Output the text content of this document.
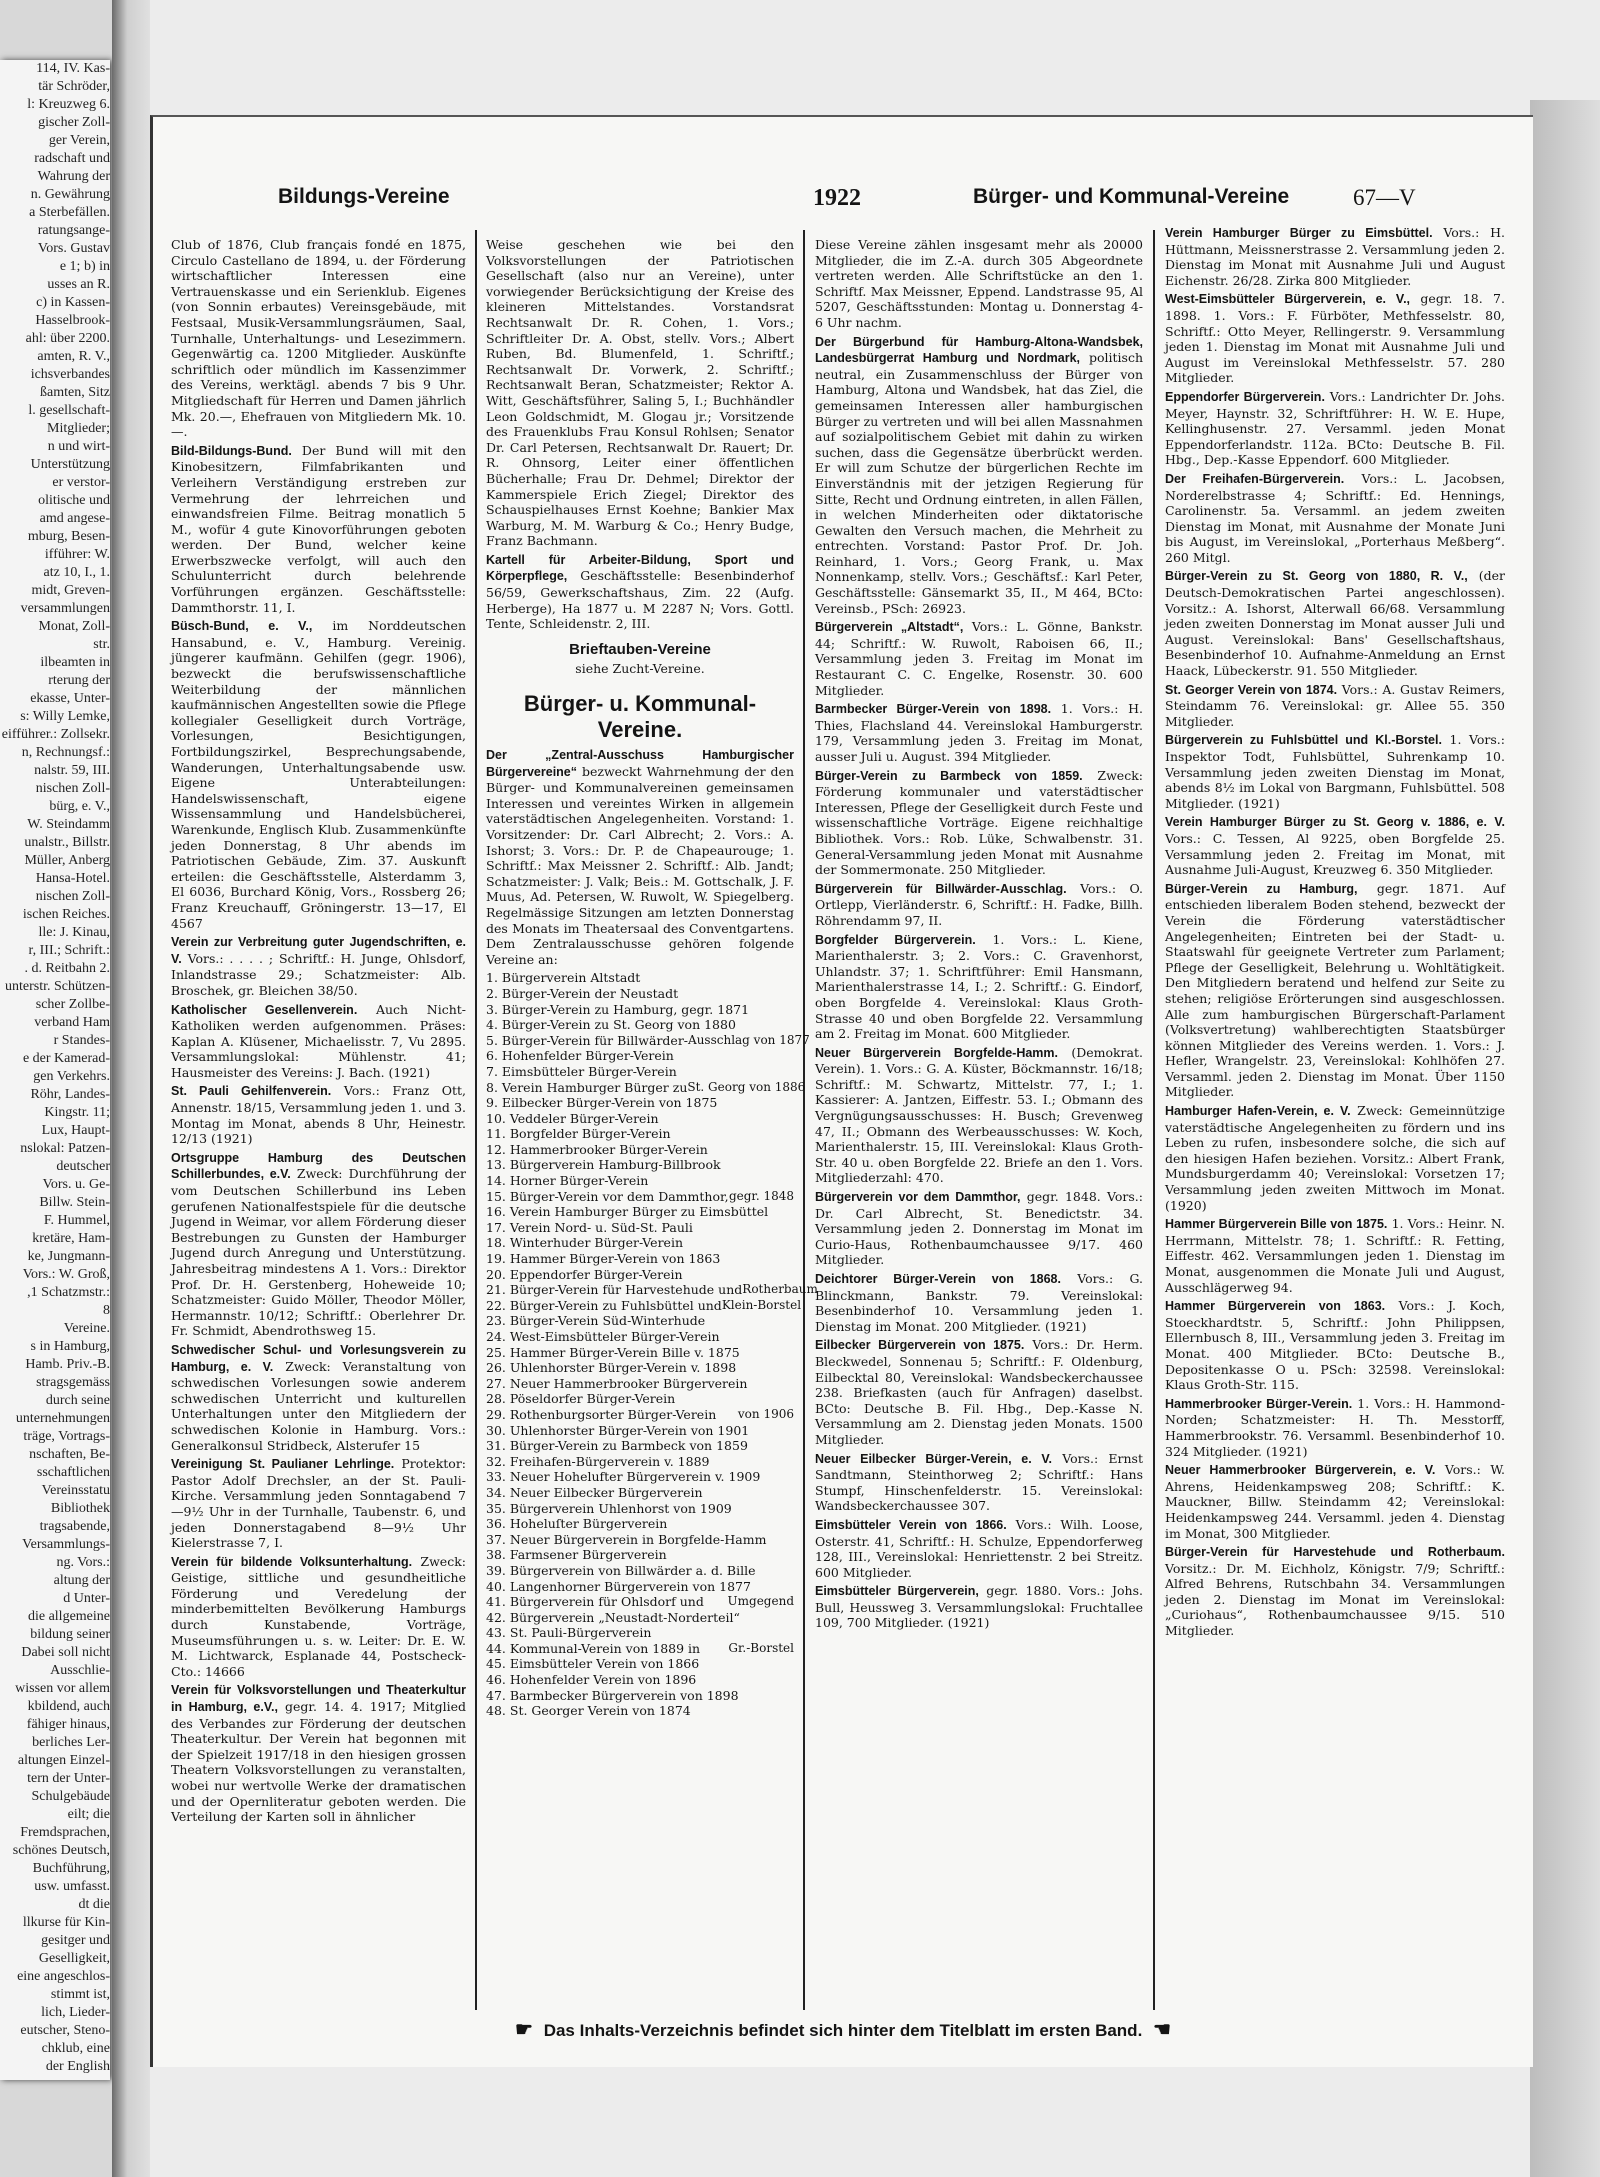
114, IV. Kas-
tär Schröder,
l: Kreuzweg 6.
gischer Zoll-
ger Verein,
radschaft und
Wahrung der
n. Gewährung
a Sterbefällen.
ratungsange-
Vors. Gustav
e 1; b) in
usses an R.
c) in Kassen-
Hasselbrook-
ahl: über 2200.
amten, R. V.,
ichsverbandes
ßamten, Sitz
l. gesellschaft-
Mitglieder;
n und wirt-
Unterstützung
er verstor-
olitische und
amd angese-
mburg, Besen-
ifführer: W.
atz 10, I., 1.
midt, Greven-
versammlungen
Monat, Zoll-
str.
ilbeamten in
rterung der
ekasse, Unter-
s: Willy Lemke,
eifführer.: Zollsekr.
n, Rechnungsf.:
nalstr. 59, III.
nischen Zoll-
bürg, e. V.,
W. Steindamm
unalstr., Billstr.
Müller, Anberg
Hansa-Hotel.
nischen Zoll-
ischen Reiches.
lle: J. Kinau,
r, III.; Schrift.:
. d. Reitbahn 2.
unterstr. Schützen-
scher Zollbe-
verband Ham
r Standes-
e der Kamerad-
gen Verkehrs.
Röhr, Landes-
Kingstr. 11;
Lux, Haupt-
nslokal: Patzen-
deutscher
Vors. u. Ge-
Billw. Stein-
F. Hummel,
kretäre, Ham-
ke, Jungmann-
Vors.: W. Groß,
,1 Schatzmstr.:
8
Vereine.
s in Hamburg,
Hamb. Priv.-B.
stragsgemäss
durch seine
unternehmungen
träge, Vortrags-
nschaften, Be-
sschaftlichen
Vereinsstatu
Bibliothek
tragsabende,
Versammlungs-
ng. Vors.:
altung der
d Unter-
die allgemeine
bildung seiner
Dabei soll nicht
Ausschlie-
wissen vor allem
kbildend, auch
fähiger hinaus,
berliches Ler-
altungen Einzel-
tern der Unter-
Schulgebäude
eilt; die
Fremdsprachen,
schönes Deutsch,
Buchführung,
usw. umfasst.
dt die
llkurse für Kin-
gesitger und
Geselligkeit,
eine angeschlos-
stimmt ist,
lich, Lieder-
eutscher, Steno-
chklub, eine
der English
Bildungs-Vereine	1922	Bürger- und Kommunal-Vereine	67—V

Club of 1876, Club français fondé en 1875, Circulo Castellano de 1894, u. der Förderung wirtschaftlicher Interessen eine Vertrauenskasse und ein Serienklub. Eigenes (von Sonnin erbautes) Vereinsgebäude, mit Festsaal, Musik-Versammlungsräumen, Saal, Turnhalle, Unterhaltungs- und Lesezimmern. Gegenwärtig ca. 1200 Mitglieder. Auskünfte schriftlich oder mündlich im Kassenzimmer des Vereins, werktägl. abends 7 bis 9 Uhr. Mitgliedschaft für Herren und Damen jährlich Mk. 20.—, Ehefrauen von Mitgliedern Mk. 10.—.

Bild-Bildungs-Bund. Der Bund will mit den Kinobesitzern, Filmfabrikanten und Verleihern Verständigung erstreben zur Vermehrung der lehrreichen und einwandsfreien Filme. Beitrag monatlich 5 M., wofür 4 gute Kinovorführungen geboten werden. Der Bund, welcher keine Erwerbszwecke verfolgt, will auch den Schulunterricht durch belehrende Vorführungen ergänzen. Geschäftsstelle: Dammthorstr. 11, I.

Büsch-Bund, e. V., im Norddeutschen Hansabund, e. V., Hamburg. Vereinig. jüngerer kaufmänn. Gehilfen (gegr. 1906), bezweckt die berufswissenschaftliche Weiterbildung der männlichen kaufmännischen Angestellten sowie die Pflege kollegialer Geselligkeit durch Vorträge, Vorlesungen, Besichtigungen, Fortbildungszirkel, Besprechungsabende, Wanderungen, Unterhaltungsabende usw. Eigene Unterabteilungen: Handelswissenschaft, eigene Wissensammlung und Handelsbücherei, Warenkunde, Englisch Klub. Zusammenkünfte jeden Donnerstag, 8 Uhr abends im Patriotischen Gebäude, Zim. 37. Auskunft erteilen: die Geschäftsstelle, Alsterdamm 3, El 6036, Burchard König, Vors., Rossberg 26; Franz Kreuchauff, Gröningerstr. 13—17, El 4567

Verein zur Verbreitung guter Jugendschriften, e. V. Vors.: . . . . ; Schriftf.: H. Junge, Ohlsdorf, Inlandstrasse 29.; Schatzmeister: Alb. Broschek, gr. Bleichen 38/50.

Katholischer Gesellenverein. Auch Nicht-Katholiken werden aufgenommen. Präses: Kaplan A. Klüsener, Michaelisstr. 7, Vu 2895. Versammlungslokal: Mühlenstr. 41; Hausmeister des Vereins: J. Bach. (1921)

St. Pauli Gehilfenverein. Vors.: Franz Ott, Annenstr. 18/15, Versammlung jeden 1. und 3. Montag im Monat, abends 8 Uhr, Heinestr. 12/13 (1921)

Ortsgruppe Hamburg des Deutschen Schillerbundes, e.V. Zweck: Durchführung der vom Deutschen Schillerbund ins Leben gerufenen Nationalfestspiele für die deutsche Jugend in Weimar, vor allem Förderung dieser Bestrebungen zu Gunsten der Hamburger Jugend durch Anregung und Unterstützung. Jahresbeitrag mindestens A 1. Vors.: Direktor Prof. Dr. H. Gerstenberg, Hoheweide 10; Schatzmeister: Guido Möller, Theodor Möller, Hermannstr. 10/12; Schriftf.: Oberlehrer Dr. Fr. Schmidt, Abendrothsweg 15.

Schwedischer Schul- und Vorlesungsverein zu Hamburg, e. V. Zweck: Veranstaltung von schwedischen Vorlesungen sowie anderem schwedischen Unterricht und kulturellen Unterhaltungen unter den Mitgliedern der schwedischen Kolonie in Hamburg. Vors.: Generalkonsul Stridbeck, Alsterufer 15

Vereinigung St. Paulianer Lehrlinge. Protektor: Pastor Adolf Drechsler, an der St. Pauli-Kirche. Versammlung jeden Sonntagabend 7—9½ Uhr in der Turnhalle, Taubenstr. 6, und jeden Donnerstagabend 8—9½ Uhr Kielerstrasse 7, I.

Verein für bildende Volksunterhaltung. Zweck: Geistige, sittliche und gesundheitliche Förderung und Veredelung der minderbemittelten Bevölkerung Hamburgs durch Kunstabende, Vorträge, Museumsführungen u. s. w. Leiter: Dr. E. W. M. Lichtwarck, Esplanade 44, Postscheck-Cto.: 14666

Verein für Volksvorstellungen und Theaterkultur in Hamburg, e.V., gegr. 14. 4. 1917; Mitglied des Verbandes zur Förderung der deutschen Theaterkultur. Der Verein hat begonnen mit der Spielzeit 1917/18 in den hiesigen grossen Theatern Volksvorstellungen zu veranstalten, wobei nur wertvolle Werke der dramatischen und der Opernliteratur geboten werden. Die Verteilung der Karten soll in ähnlicher

Weise geschehen wie bei den Volksvorstellungen der Patriotischen Gesellschaft (also nur an Vereine), unter vorwiegender Berücksichtigung der Kreise des kleineren Mittelstandes. Vorstandsrat Rechtsanwalt Dr. R. Cohen, 1. Vors.; Schriftleiter Dr. A. Obst, stellv. Vors.; Albert Ruben, Bd. Blumenfeld, 1. Schriftf.; Rechtsanwalt Dr. Vorwerk, 2. Schriftf.; Rechtsanwalt Beran, Schatzmeister; Rektor A. Witt, Geschäftsführer, Saling 5, I.; Buchhändler Leon Goldschmidt, M. Glogau jr.; Vorsitzende des Frauenklubs Frau Konsul Rohlsen; Senator Dr. Carl Petersen, Rechtsanwalt Dr. Rauert; Dr. R. Ohnsorg, Leiter einer öffentlichen Bücherhalle; Frau Dr. Dehmel; Direktor der Kammerspiele Erich Ziegel; Direktor des Schauspielhauses Ernst Koehne; Bankier Max Warburg, M. M. Warburg & Co.; Henry Budge, Franz Bachmann.

Kartell für Arbeiter-Bildung, Sport und Körperpflege, Geschäftsstelle: Besenbinderhof 56/59, Gewerkschaftshaus, Zim. 22 (Aufg. Herberge), Ha 1877 u. M 2287 N; Vors. Gottl. Tente, Schleidenstr. 2, III.

Brieftauben-Vereine
siehe Zucht-Vereine.
Bürger- u. Kommunal-Vereine.

Der „Zentral-Ausschuss Hamburgischer Bürgervereine“ bezweckt Wahrnehmung der den Bürger- und Kommunalvereinen gemeinsamen Interessen und vereintes Wirken in allgemein vaterstädtischen Angelegenheiten. Vorstand: 1. Vorsitzender: Dr. Carl Albrecht; 2. Vors.: A. Ishorst; 3. Vors.: Dr. P. de Chapeaurouge; 1. Schriftf.: Max Meissner 2. Schriftf.: Alb. Jandt; Schatzmeister: J. Valk; Beis.: M. Gottschalk, J. F. Muus, Ad. Petersen, W. Ruwolt, W. Spiegelberg. Regelmässige Sitzungen am letzten Donnerstag des Monats im Theatersaal des Conventgartens. Dem Zentralausschusse gehören folgende Vereine an:

1. Bürgerverein Altstadt
2. Bürger-Verein der Neustadt
3. Bürger-Verein zu Hamburg, gegr. 1871
4. Bürger-Verein zu St. Georg von 1880
5. Bürger-Verein für Billwärder- Ausschlag von 1877
6. Hohenfelder Bürger-Verein
7. Eimsbütteler Bürger-Verein
8. Verein Hamburger Bürger zu St. Georg von 1886
9. Eilbecker Bürger-Verein von 1875
10. Veddeler Bürger-Verein
11. Borgfelder Bürger-Verein
12. Hammerbrooker Bürger-Verein
13. Bürgerverein Hamburg-Billbrook
14. Horner Bürger-Verein
15. Bürger-Verein vor dem Dammthor, gegr. 1848
16. Verein Hamburger Bürger zu Eimsbüttel
17. Verein Nord- u. Süd-St. Pauli
18. Winterhuder Bürger-Verein
19. Hammer Bürger-Verein von 1863
20. Eppendorfer Bürger-Verein
21. Bürger-Verein für Harvestehude und Rotherbaum
22. Bürger-Verein zu Fuhlsbüttel und Klein-Borstel
23. Bürger-Verein Süd-Winterhude
24. West-Eimsbütteler Bürger-Verein
25. Hammer Bürger-Verein Bille v. 1875
26. Uhlenhorster Bürger-Verein v. 1898
27. Neuer Hammerbrooker Bürgerverein
28. Pöseldorfer Bürger-Verein
29. Rothenburgsorter Bürger-Verein von 1906
30. Uhlenhorster Bürger-Verein von 1901
31. Bürger-Verein zu Barmbeck von 1859
32. Freihafen-Bürgerverein v. 1889
33. Neuer Hohelufter Bürgerverein v. 1909
34. Neuer Eilbecker Bürgerverein
35. Bürgerverein Uhlenhorst von 1909
36. Hoheluſter Bürgerverein
37. Neuer Bürgerverein in Borgfelde-Hamm
38. Farmsener Bürgerverein
39. Bürgerverein von Billwärder a. d. Bille
40. Langenhorner Bürgerverein von 1877
41. Bürgerverein für Ohlsdorf und Umgegend
42. Bürgerverein „Neustadt-Norderteil“
43. St. Pauli-Bürgerverein
44. Kommunal-Verein von 1889 in Gr.-Borstel
45. Eimsbütteler Verein von 1866
46. Hohenfelder Verein von 1896
47. Barmbecker Bürgerverein von 1898
48. St. Georger Verein von 1874

Diese Vereine zählen insgesamt mehr als 20000 Mitglieder, die im Z.-A. durch 305 Abgeordnete vertreten werden. Alle Schriftstücke an den 1. Schriftf. Max Meissner, Eppend. Landstrasse 95, Al 5207, Geschäftsstunden: Montag u. Donnerstag 4-6 Uhr nachm.

Der Bürgerbund für Hamburg-Altona-Wandsbek, Landesbürgerrat Hamburg und Nordmark, politisch neutral, ein Zusammenschluss der Bürger von Hamburg, Altona und Wandsbek, hat das Ziel, die gemeinsamen Interessen aller hamburgischen Bürger zu vertreten und will bei allen Massnahmen auf sozialpolitischem Gebiet mit dahin zu wirken suchen, dass die Gegensätze überbrückt werden. Er will zum Schutze der bürgerlichen Rechte im Einverständnis mit der jetzigen Regierung für Sitte, Recht und Ordnung eintreten, in allen Fällen, in welchen Minderheiten oder diktatorische Gewalten den Versuch machen, die Mehrheit zu entrechten. Vorstand: Pastor Prof. Dr. Joh. Reinhard, 1. Vors.; Georg Frank, u. Max Nonnenkamp, stellv. Vors.; Geschäftsf.: Karl Peter, Geschäftsstelle: Gänsemarkt 35, II., M 464, BCto: Vereinsb., PSch: 26923.

Bürgerverein „Altstadt“, Vors.: L. Gönne, Bankstr. 44; Schriftf.: W. Ruwolt, Raboisen 66, II.; Versammlung jeden 3. Freitag im Monat im Restaurant C. C. Engelke, Rosenstr. 30. 600 Mitglieder.

Barmbecker Bürger-Verein von 1898. 1. Vors.: H. Thies, Flachsland 44. Vereinslokal Hamburgerstr. 179, Versammlung jeden 3. Freitag im Monat, ausser Juli u. August. 394 Mitglieder.

Bürger-Verein zu Barmbeck von 1859. Zweck: Förderung kommunaler und vaterstädtischer Interessen, Pflege der Geselligkeit durch Feste und wissenschaftliche Vorträge. Eigene reichhaltige Bibliothek. Vors.: Rob. Lüke, Schwalbenstr. 31. General-Versammlung jeden Monat mit Ausnahme der Sommermonate. 250 Mitglieder.

Bürgerverein für Billwärder-Ausschlag. Vors.: O. Ortlepp, Vierländerstr. 6, Schriftf.: H. Fadke, Billh. Röhrendamm 97, II.

Borgfelder Bürgerverein. 1. Vors.: L. Kiene, Marienthalerstr. 3; 2. Vors.: C. Gravenhorst, Uhlandstr. 37; 1. Schriftführer: Emil Hansmann, Marienthalerstrasse 14, I.; 2. Schriftf.: G. Eindorf, oben Borgfelde 4. Vereinslokal: Klaus Groth-Strasse 40 und oben Borgfelde 22. Versammlung am 2. Freitag im Monat. 600 Mitglieder.

Neuer Bürgerverein Borgfelde-Hamm. (Demokrat. Verein). 1. Vors.: G. A. Küster, Böckmannstr. 16/18; Schriftf.: M. Schwartz, Mittelstr. 77, I.; 1. Kassierer: A. Jantzen, Eiffestr. 53. I.; Obmann des Vergnügungsausschusses: H. Busch; Grevenweg 47, II.; Obmann des Werbeausschusses: W. Koch, Marienthalerstr. 15, III. Vereinslokal: Klaus Groth-Str. 40 u. oben Borgfelde 22. Briefe an den 1. Vors. Mitgliederzahl: 470.

Bürgerverein vor dem Dammthor, gegr. 1848. Vors.: Dr. Carl Albrecht, St. Benedictstr. 34. Versammlung jeden 2. Donnerstag im Monat im Curio-Haus, Rothenbaumchaussee 9/17. 460 Mitglieder.

Deichtorer Bürger-Verein von 1868. Vors.: G. Blinckmann, Bankstr. 79. Vereinslokal: Besenbinderhof 10. Versammlung jeden 1. Dienstag im Monat. 200 Mitglieder. (1921)

Eilbecker Bürgerverein von 1875. Vors.: Dr. Herm. Bleckwedel, Sonnenau 5; Schriftf.: F. Oldenburg, Eilbecktal 80, Vereinslokal: Wandsbeckerchaussee 238. Briefkasten (auch für Anfragen) daselbst. BCto: Deutsche B. Fil. Hbg., Dep.-Kasse N. Versammlung am 2. Dienstag jeden Monats. 1500 Mitglieder.

Neuer Eilbecker Bürger-Verein, e. V. Vors.: Ernst Sandtmann, Steinthorweg 2; Schriftf.: Hans Stumpf, Hinschenfelderstr. 15. Vereinslokal: Wandsbeckerchaussee 307.

Eimsbütteler Verein von 1866. Vors.: Wilh. Loose, Osterstr. 41, Schriftf.: H. Schulze, Eppendorferweg 128, III., Vereinslokal: Henriettenstr. 2 bei Streitz. 600 Mitglieder.

Eimsbütteler Bürgerverein, gegr. 1880. Vors.: Johs. Bull, Heussweg 3. Versammlungslokal: Fruchtallee 109, 700 Mitglieder. (1921)

Verein Hamburger Bürger zu Eimsbüttel. Vors.: H. Hüttmann, Meissnerstrasse 2. Versammlung jeden 2. Dienstag im Monat mit Ausnahme Juli und August Eichenstr. 26/28. Zirka 800 Mitglieder.

West-Eimsbütteler Bürgerverein, e. V., gegr. 18. 7. 1898. 1. Vors.: F. Fürböter, Methfesselstr. 80, Schriftf.: Otto Meyer, Rellingerstr. 9. Versammlung jeden 1. Dienstag im Monat mit Ausnahme Juli und August im Vereinslokal Methfesselstr. 57. 280 Mitglieder.

Eppendorfer Bürgerverein. Vors.: Landrichter Dr. Johs. Meyer, Haynstr. 32, Schriftführer: H. W. E. Hupe, Kellinghusenstr. 27. Versamml. jeden Monat Eppendorferlandstr. 112a. BCto: Deutsche B. Fil. Hbg., Dep.-Kasse Eppendorf. 600 Mitglieder.

Der Freihafen-Bürgerverein. Vors.: L. Jacobsen, Norderelbstrasse 4; Schriftf.: Ed. Hennings, Carolinenstr. 5a. Versamml. an jedem zweiten Dienstag im Monat, mit Ausnahme der Monate Juni bis August, im Vereinslokal, „Porterhaus Meßberg“. 260 Mitgl.

Bürger-Verein zu St. Georg von 1880, R. V., (der Deutsch-Demokratischen Partei angeschlossen). Vorsitz.: A. Ishorst, Alterwall 66/68. Versammlung jeden zweiten Donnerstag im Monat ausser Juli und August. Vereinslokal: Bans' Gesellschaftshaus, Besenbinderhof 10. Aufnahme-Anmeldung an Ernst Haack, Lübeckerstr. 91. 550 Mitglieder.

St. Georger Verein von 1874. Vors.: A. Gustav Reimers, Steindamm 76. Vereinslokal: gr. Allee 55. 350 Mitglieder.

Bürgerverein zu Fuhlsbüttel und Kl.-Borstel. 1. Vors.: Inspektor Todt, Fuhlsbüttel, Suhrenkamp 10. Versammlung jeden zweiten Dienstag im Monat, abends 8½ im Lokal von Bargmann, Fuhlsbüttel. 508 Mitglieder. (1921)

Verein Hamburger Bürger zu St. Georg v. 1886, e. V. Vors.: C. Tessen, Al 9225, oben Borgfelde 25. Versammlung jeden 2. Freitag im Monat, mit Ausnahme Juli-August, Kreuzweg 6. 350 Mitglieder.

Bürger-Verein zu Hamburg, gegr. 1871. Auf entschieden liberalem Boden stehend, bezweckt der Verein die Förderung vaterstädtischer Angelegenheiten; Eintreten bei der Stadt- u. Staatswahl für geeignete Vertreter zum Parlament; Pflege der Geselligkeit, Belehrung u. Wohltätigkeit. Den Mitgliedern beratend und helfend zur Seite zu stehen; religiöse Erörterungen sind ausgeschlossen. Alle zum hamburgischen Bürgerschaft-Parlament (Volksvertretung) wahlberechtigten Staatsbürger können Mitglieder des Vereins werden. 1. Vors.: J. Hefler, Wrangelstr. 23, Vereinslokal: Kohlhöfen 27. Versamml. jeden 2. Dienstag im Monat. Über 1150 Mitglieder.

Hamburger Hafen-Verein, e. V. Zweck: Gemeinnützige vaterstädtische Angelegenheiten zu fördern und ins Leben zu rufen, insbesondere solche, die sich auf den hiesigen Hafen beziehen. Vorsitz.: Albert Frank, Mundsburgerdamm 40; Vereinslokal: Vorsetzen 17; Versammlung jeden zweiten Mittwoch im Monat. (1920)

Hammer Bürgerverein Bille von 1875. 1. Vors.: Heinr. N. Herrmann, Mittelstr. 78; 1. Schriftf.: R. Fetting, Eiffestr. 462. Versammlungen jeden 1. Dienstag im Monat, ausgenommen die Monate Juli und August, Ausschlägerweg 94.

Hammer Bürgerverein von 1863. Vors.: J. Koch, Stoeckhardtstr. 5, Schriftf.: John Philippsen, Ellernbusch 8, III., Versammlung jeden 3. Freitag im Monat. 400 Mitglieder. BCto: Deutsche B., Depositenkasse O u. PSch: 32598. Vereinslokal: Klaus Groth-Str. 115.

Hammerbrooker Bürger-Verein. 1. Vors.: H. Hammond-Norden; Schatzmeister: H. Th. Messtorff, Hammerbrookstr. 76. Versamml. Besenbinderhof 10. 324 Mitglieder. (1921)

Neuer Hammerbrooker Bürgerverein, e. V. Vors.: W. Ahrens, Heidenkampsweg 208; Schriftf.: K. Mauckner, Billw. Steindamm 42; Vereinslokal: Heidenkampsweg 244. Versamml. jeden 4. Dienstag im Monat, 300 Mitglieder.

Bürger-Verein für Harvestehude und Rotherbaum. Vorsitz.: Dr. M. Eichholz, Königstr. 7/9; Schriftf.: Alfred Behrens, Rutschbahn 34. Versammlungen jeden 2. Dienstag im Monat im Vereinslokal: „Curiohaus“, Rothenbaumchaussee 9/15. 510 Mitglieder.

☛ Das Inhalts-Verzeichnis befindet sich hinter dem Titelblatt im ersten Band. ☛
